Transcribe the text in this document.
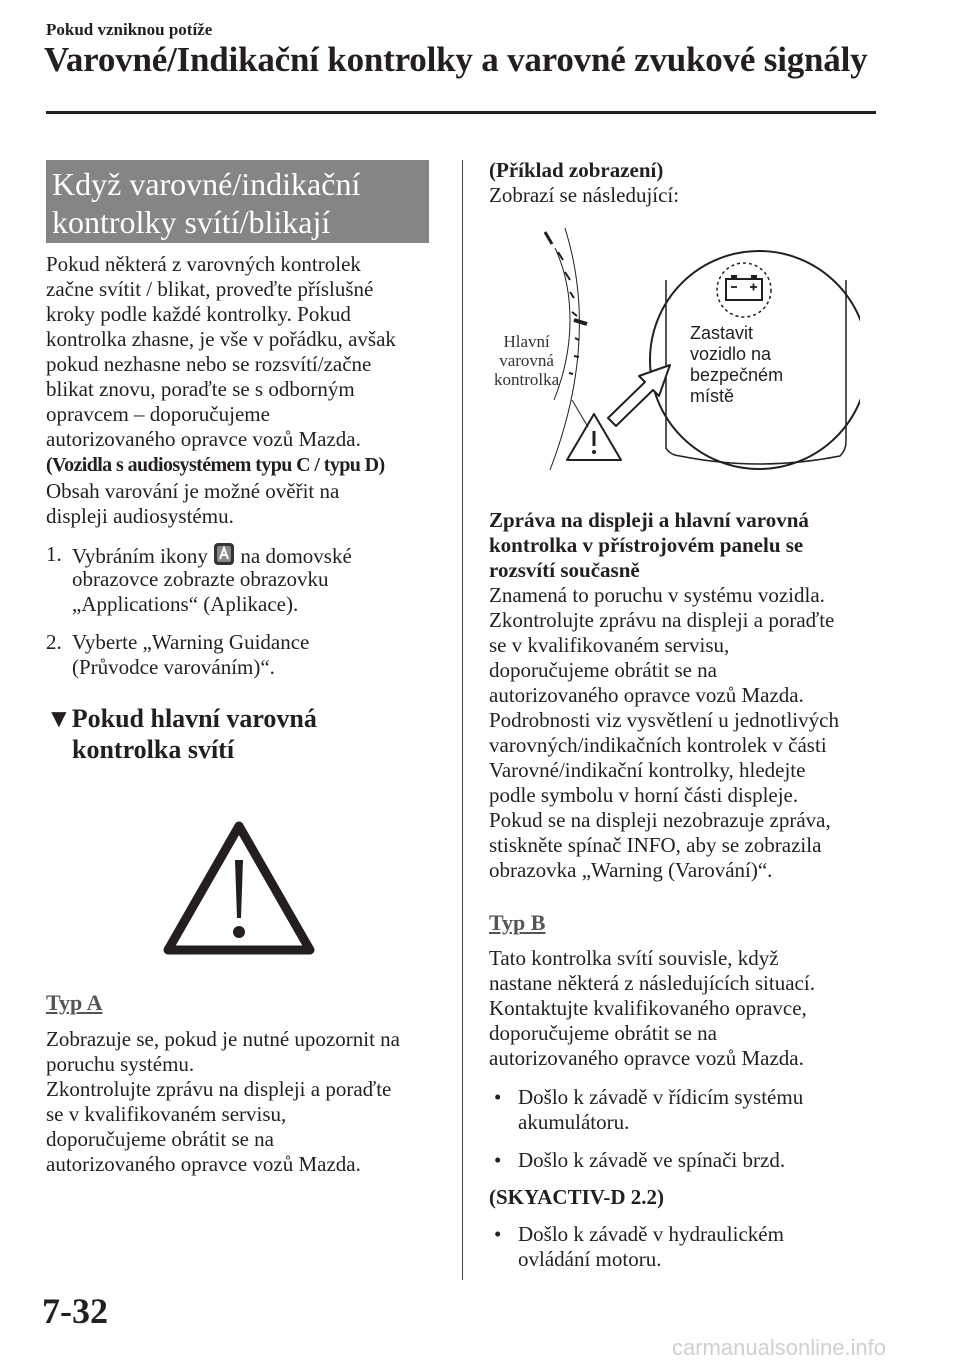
Pokud vzniknou potíže
Varovné/Indikační kontrolky a varovné zvukové signály
Když varovné/indikační
kontrolky svítí/blikají
Pokud některá z varovných kontrolek
začne svítit / blikat, proveďte příslušné
kroky podle každé kontrolky. Pokud
kontrolka zhasne, je vše v pořádku, avšak
pokud nezhasne nebo se rozsvítí/začne
blikat znovu, poraďte se s odborným
opravcem – doporučujeme
autorizovaného opravce vozů Mazda.
(Vozidla s audiosystémem typu C / typu D)
Obsah varování je možné ověřit na
displeji audiosystému.
1. Vybráním ikony na domovské
obrazovce zobrazte obrazovku
„Applications“ (Aplikace).
2. Vyberte „Warning Guidance
(Průvodce varováním)“.
▼Pokud hlavní varovná
kontrolka svítí
Typ A
Zobrazuje se, pokud je nutné upozornit na
poruchu systému.
Zkontrolujte zprávu na displeji a poraďte
se v kvalifikovaném servisu,
doporučujeme obrátit se na
autorizovaného opravce vozů Mazda.
(Příklad zobrazení)
Zobrazí se následující:
Hlavní
varovná
kontrolka
Zastavit
vozidlo na
bezpečném
místě
Zpráva na displeji a hlavní varovná
kontrolka v přístrojovém panelu se
rozsvítí současně
Znamená to poruchu v systému vozidla.
Zkontrolujte zprávu na displeji a poraďte
se v kvalifikovaném servisu,
doporučujeme obrátit se na
autorizovaného opravce vozů Mazda.
Podrobnosti viz vysvětlení u jednotlivých
varovných/indikačních kontrolek v části
Varovné/indikační kontrolky, hledejte
podle symbolu v horní části displeje.
Pokud se na displeji nezobrazuje zpráva,
stiskněte spínač INFO, aby se zobrazila
obrazovka „Warning (Varování)“.
Typ B
Tato kontrolka svítí souvisle, když
nastane některá z následujících situací.
Kontaktujte kvalifikovaného opravce,
doporučujeme obrátit se na
autorizovaného opravce vozů Mazda.
• Došlo k závadě v řídicím systému
akumulátoru.
• Došlo k závadě ve spínači brzd.
(SKYACTIV-D 2.2)
• Došlo k závadě v hydraulickém
ovládání motoru.
7-32
carmanualsonline.info
